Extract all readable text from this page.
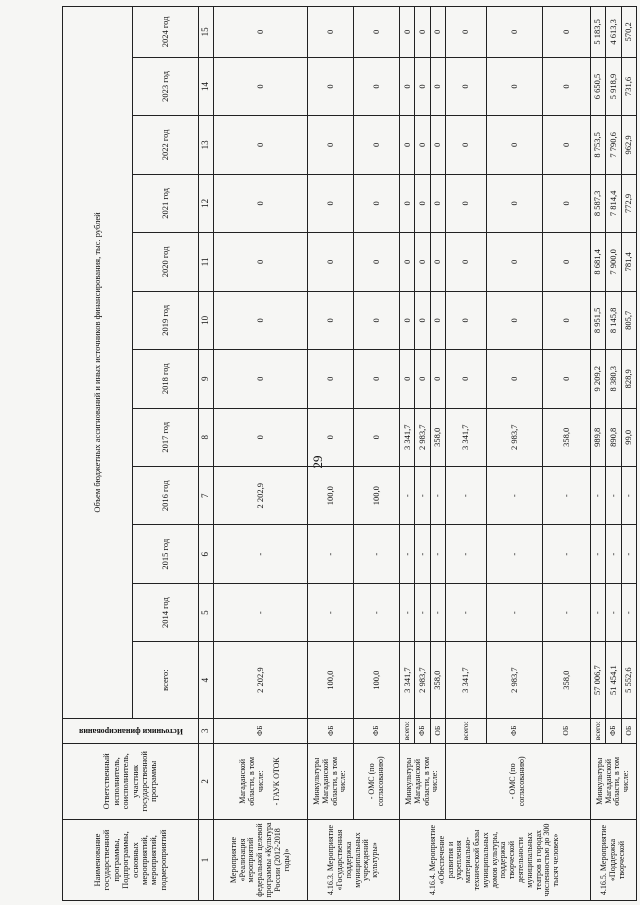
29
Наименование государственной программы, Подпрограммы, основных мероприятий, мероприятий, подмероприятий	Ответственный исполнитель, соисполнитель, участник государственной программы	Источники финансирования	Объем бюджетных ассигнований и иных источников финансирования, тыс. рублей											
			всего:	2014 год	2015 год	2016 год	2017 год	2018 год	2019 год	2020 год	2021 год	2022 год	2023 год	2024 год
1	2	3	4	5	6	7	8	9	10	11	12	13	14	15
Мероприятие «Реализация мероприятий федеральной целевой программы «Культура России (2012-2018 годы)»	Магаданской области, в том числе: - ГАУК ОТОК	ФБ	2 202,9	-	-	2 202,9	0	0	0	0	0	0	0	0
4.16.3. Мероприятие «Государственная поддержка муниципальных учреждений культуры»	Минкультуры Магаданской области, в том числе:	ФБ	100,0	-	-	100,0	0	0	0	0	0	0	0	0
	- ОМС (по согласованию)	ФБ	100,0	-	-	100,0	0	0	0	0	0	0	0	0
4.16.4. Мероприятие «Обеспечение развития и укрепления материально-технической базы муниципальных домов культуры, поддержка творческой деятельности муниципальных театров в городах численностью до 300 тысяч человек»	Минкультуры Магаданской области, в том числе:	всего:	3 341,7	-	-	-	3 341,7	0	0	0	0	0	0	0
		ФБ	2 983,7	-	-	-	2 983,7	0	0	0	0	0	0	0
		ОБ	358,0	-	-	-	358,0	0	0	0	0	0	0	0
	- ОМС (по согласованию)	всего:	3 341,7	-	-	-	3 341,7	0	0	0	0	0	0	0
		ФБ	2 983,7	-	-	-	2 983,7	0	0	0	0	0	0	0
		ОБ	358,0	-	-	-	358,0	0	0	0	0	0	0	0
4.16.5. Мероприятие «Поддержка творческой	Минкультуры Магаданской области, в том числе:	всего:	57 006,7	-	-	-	989,8	9 209,2	8 951,5	8 681,4	8 587,3	8 753,5	6 650,5	5 183,5
		ФБ	51 454,1	-	-	-	890,8	8 380,3	8 145,8	7 900,0	7 814,4	7 790,6	5 918,9	4 613,3
		ОБ	5 552,6	-	-	-	99,0	828,9	805,7	781,4	772,9	962,9	731,6	570,2
